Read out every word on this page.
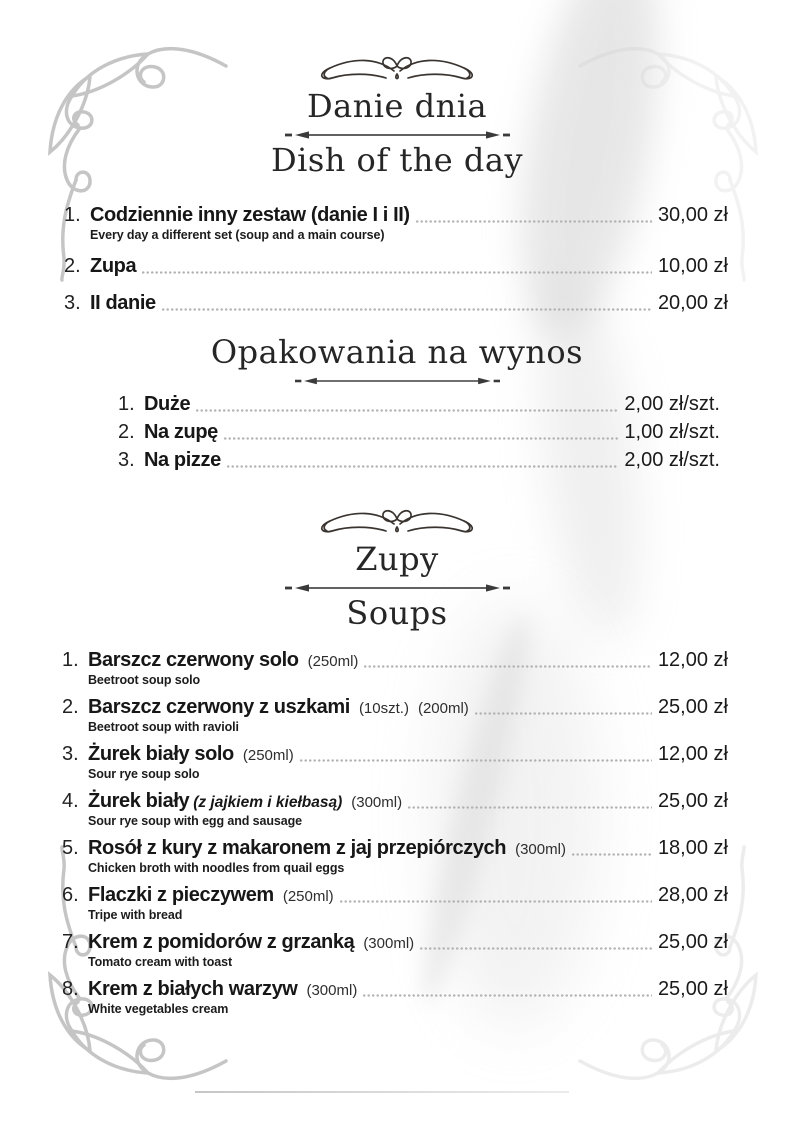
Danie dnia
Dish of the day
1. Codziennie inny zestaw (danie I i II)	30,00 zł
Every day a different set (soup and a main course)
2. Zupa	10,00 zł
3. II danie	20,00 zł
Opakowania na wynos
1. Duże	2,00 zł/szt.
2. Na zupę	1,00 zł/szt.
3. Na pizze	2,00 zł/szt.
Zupy
Soups
1. Barszcz czerwony solo (250ml)	12,00 zł
Beetroot soup solo
2. Barszcz czerwony z uszkami (10szt.) (200ml)	25,00 zł
Beetroot soup with ravioli
3. Żurek biały solo (250ml)	12,00 zł
Sour rye soup solo
4. Żurek biały (z jajkiem i kiełbasą) (300ml)	25,00 zł
Sour rye soup with egg and sausage
5. Rosół z kury z makaronem z jaj przepiórczych (300ml)	18,00 zł
Chicken broth with noodles from quail eggs
6. Flaczki z pieczywem (250ml)	28,00 zł
Tripe with bread
7. Krem z pomidorów z grzanką (300ml)	25,00 zł
Tomato cream with toast
8. Krem z białych warzyw (300ml)	25,00 zł
White vegetables cream
